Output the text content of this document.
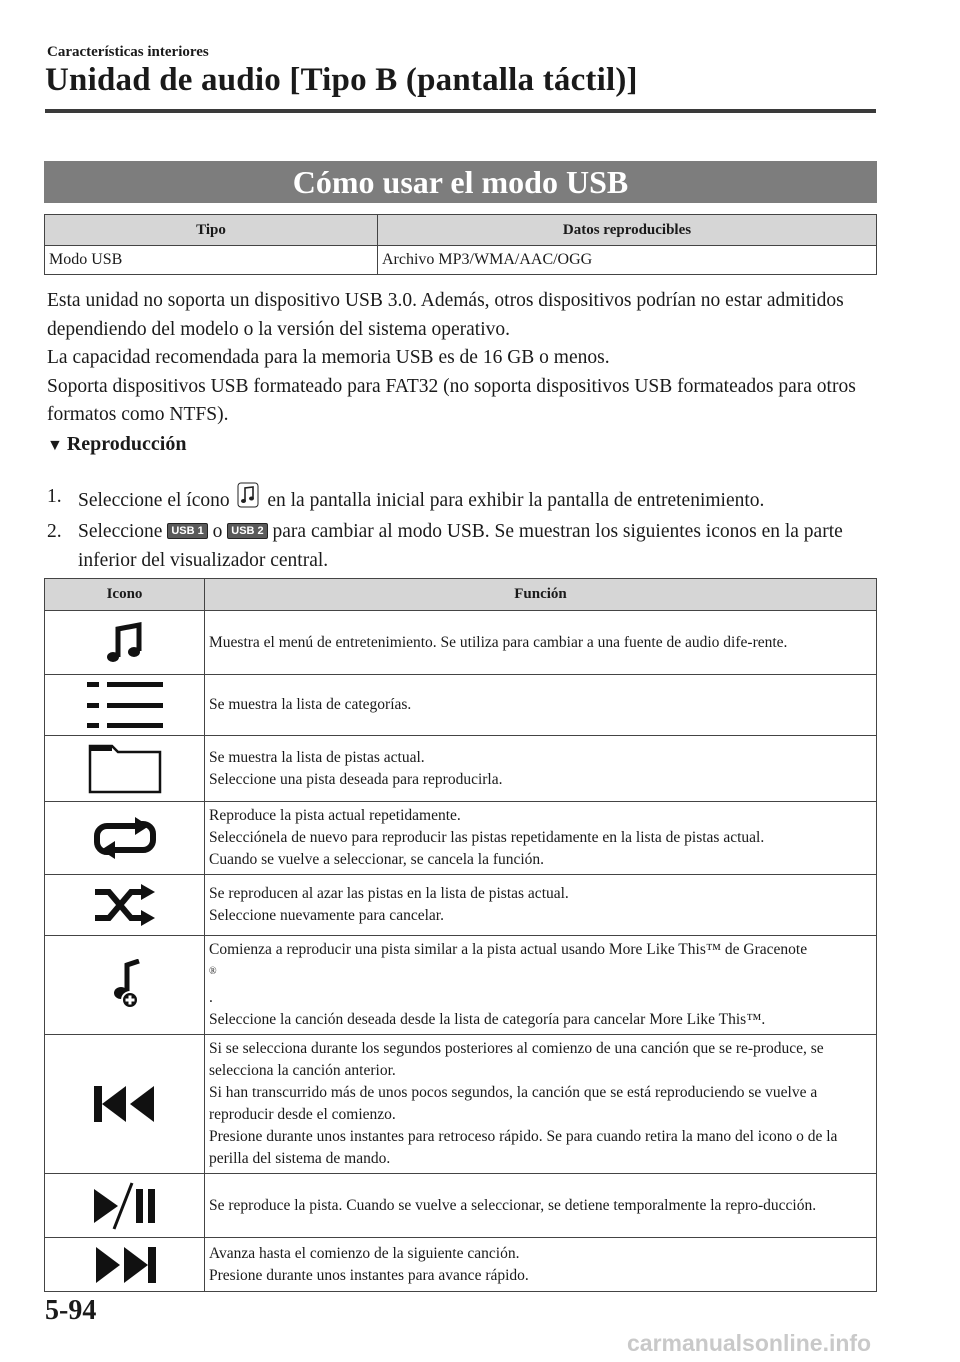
Características interiores
Unidad de audio [Tipo B (pantalla táctil)]
Cómo usar el modo USB
Tipo	Datos reproducibles
Modo USB	Archivo MP3/WMA/AAC/OGG

Esta unidad no soporta un dispositivo USB 3.0. Además, otros dispositivos podrían no estar admitidos dependiendo del modelo o la versión del sistema operativo.

La capacidad recomendada para la memoria USB es de 16 GB o menos.

Soporta dispositivos USB formateado para FAT32 (no soporta dispositivos USB formateados para otros formatos como NTFS).

▼ Reproducción
1. Seleccione el ícono en la pantalla inicial para exhibir la pantalla de entretenimiento.
2. Seleccione USB 1 o USB 2 para cambiar al modo USB. Se muestran los siguientes iconos en la parte inferior del visualizador central.
Icono	Función

Muestra el menú de entretenimiento. Se utiliza para cambiar a una fuente de audio dife-rente.

Se muestra la lista de categorías.

Se muestra la lista de pistas actual.
Seleccione una pista deseada para reproducirla.

Reproduce la pista actual repetidamente.
Selecciónela de nuevo para reproducir las pistas repetidamente en la lista de pistas actual.
Cuando se vuelve a seleccionar, se cancela la función.

Se reproducen al azar las pistas en la lista de pistas actual.
Seleccione nuevamente para cancelar.

Comienza a reproducir una pista similar a la pista actual usando More Like This™ de Gracenote
®
.
Seleccione la canción deseada desde la lista de categoría para cancelar More Like This™.

Si se selecciona durante los segundos posteriores al comienzo de una canción que se re-produce, se selecciona la canción anterior.
Si han transcurrido más de unos pocos segundos, la canción que se está reproduciendo se vuelve a reproducir desde el comienzo.
Presione durante unos instantes para retroceso rápido. Se para cuando retira la mano del icono o de la perilla del sistema de mando.

Se reproduce la pista. Cuando se vuelve a seleccionar, se detiene temporalmente la repro-ducción.

Avanza hasta el comienzo de la siguiente canción.
Presione durante unos instantes para avance rápido.
5-94
carmanualsonline.info
